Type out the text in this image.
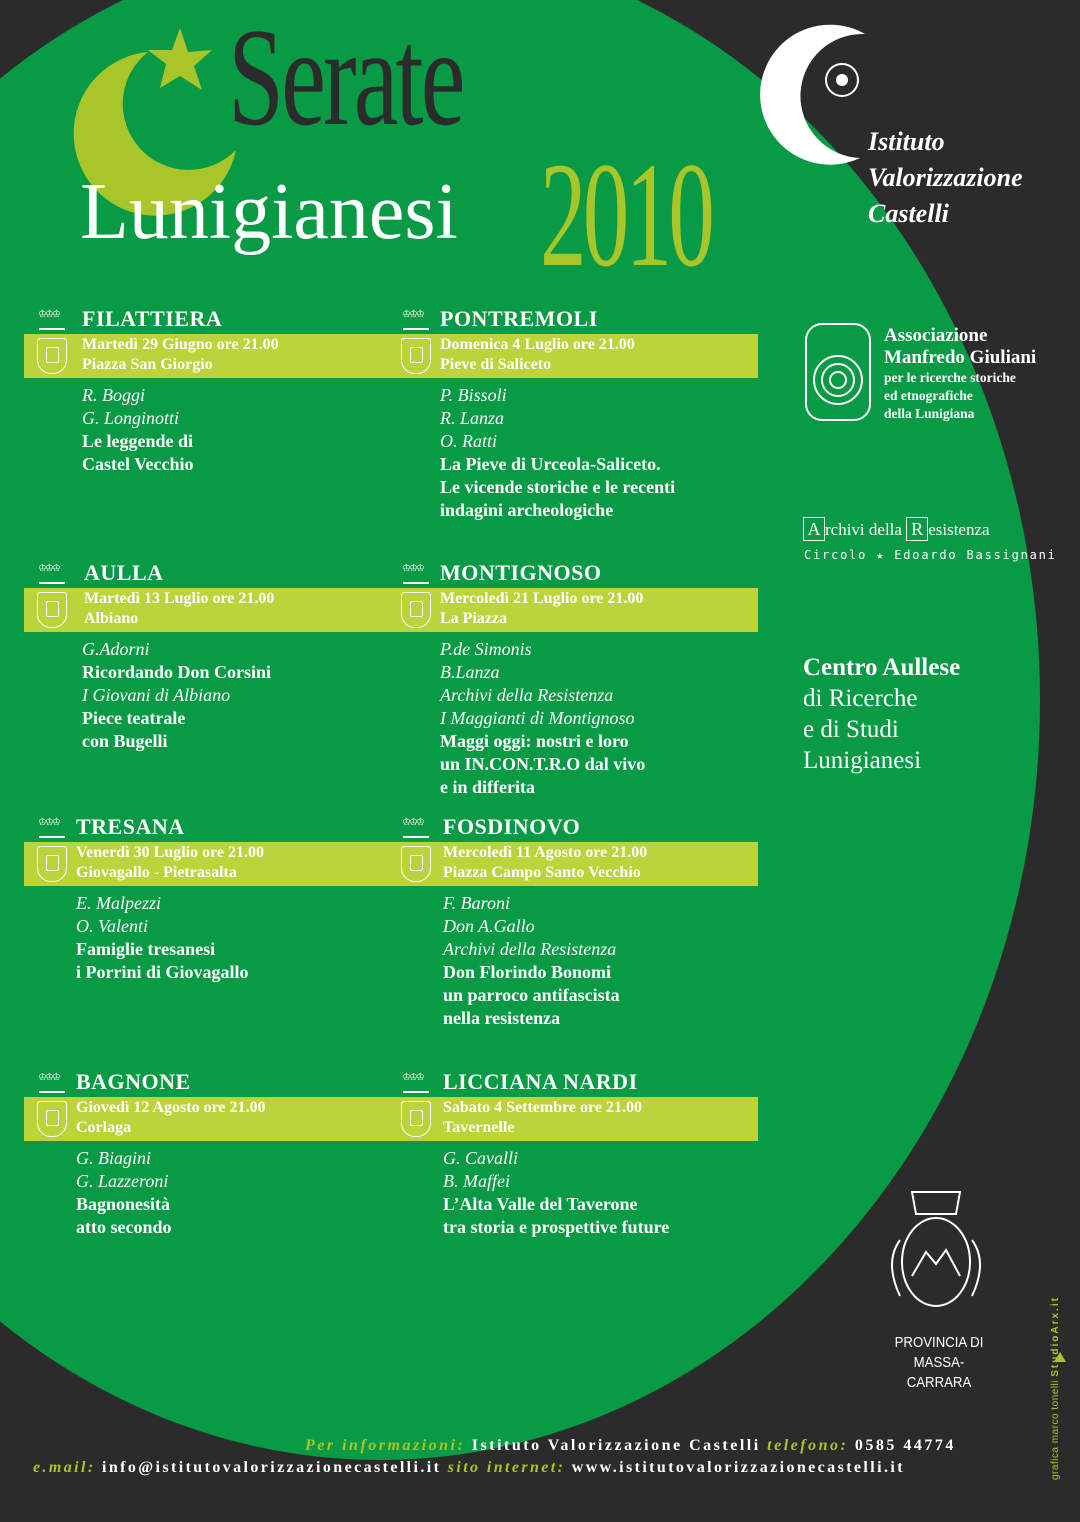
Serate
2010
Lunigianesi
FILATTIERA
♔♔♔
Martedì 29 Giugno ore 21.00
Piazza San Giorgio
R. Boggi
G. Longinotti
Le leggende di
Castel Vecchio
PONTREMOLI
♔♔♔
Domenica 4 Luglio ore 21.00
Pieve di Saliceto
P. Bissoli
R. Lanza
O. Ratti
La Pieve di Urceola-Saliceto.
Le vicende storiche e le recenti
indagini archeologiche
AULLA
♔♔♔
Martedì 13 Luglio ore 21.00
Albiano
G.Adorni
Ricordando Don Corsini
I Giovani di Albiano
Piece teatrale
con Bugelli
MONTIGNOSO
♔♔♔
Mercoledì 21 Luglio ore 21.00
La Piazza
P.de Simonis
B.Lanza
Archivi della Resistenza
I Maggianti di Montignoso
Maggi oggi: nostri e loro
un IN.CON.T.R.O dal vivo
e in differita
TRESANA
♔♔♔
Venerdì 30 Luglio ore 21.00
Giovagallo - Pietrasalta
E. Malpezzi
O. Valenti
Famiglie tresanesi
i Porrini di Giovagallo
FOSDINOVO
♔♔♔
Mercoledì 11 Agosto ore 21.00
Piazza Campo Santo Vecchio
F. Baroni
Don A.Gallo
Archivi della Resistenza
Don Florindo Bonomi
un parroco antifascista
nella resistenza
BAGNONE
♔♔♔
Giovedì 12 Agosto ore 21.00
Corlaga
G. Biagini
G. Lazzeroni
Bagnonesità
atto secondo
LICCIANA NARDI
♔♔♔
Sabato 4 Settembre ore 21.00
Tavernelle
G. Cavalli
B. Maffei
L’Alta Valle del Taverone
tra storia e prospettive future
Istituto
Valorizzazione
Castelli
Associazione
Manfredo Giuliani
per le ricerche storiche
ed etnografiche
della Lunigiana
A rchivi della R esistenza
Circolo ★ Edoardo Bassignani
Centro Aullese
di Ricerche
e di Studi
Lunigianesi
PROVINCIA DI
MASSA-CARRARA
Per informazioni: Istituto Valorizzazione Castelli telefono: 0585 44774
e.mail: info@istitutovalorizzazionecastelli.it sito internet: www.istitutovalorizzazionecastelli.it	grafica marco tonelli StudioArx.it
